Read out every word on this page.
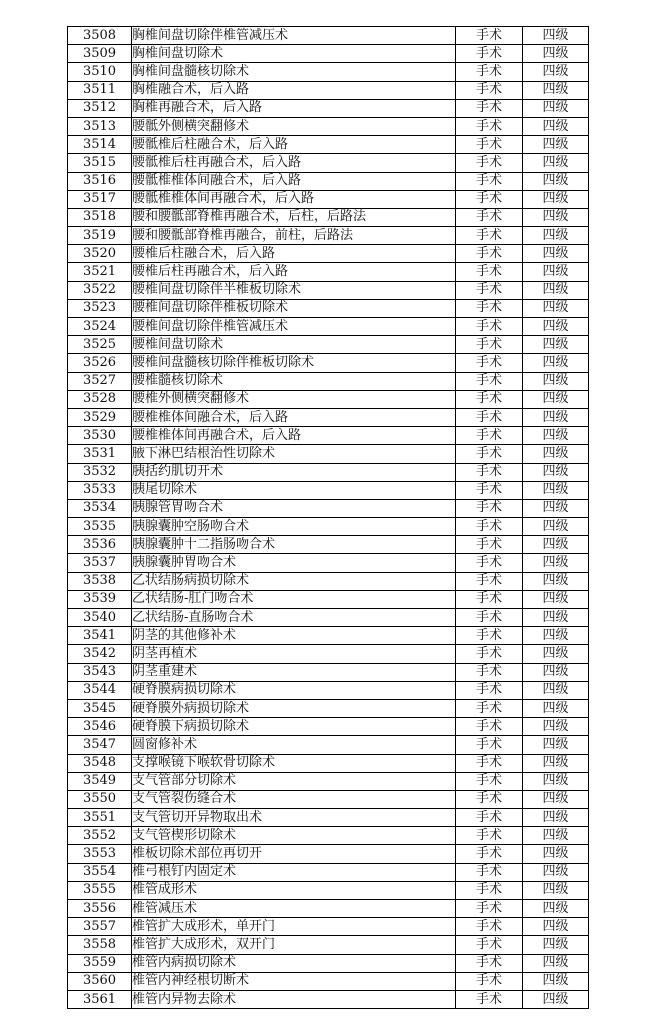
3508	胸椎间盘切除伴椎管减压术	手术	四级
3509	胸椎间盘切除术	手术	四级
3510	胸椎间盘髓核切除术	手术	四级
3511	胸椎融合术，后入路	手术	四级
3512	胸椎再融合术，后入路	手术	四级
3513	腰骶外侧横突翻修术	手术	四级
3514	腰骶椎后柱融合术，后入路	手术	四级
3515	腰骶椎后柱再融合术，后入路	手术	四级
3516	腰骶椎椎体间融合术，后入路	手术	四级
3517	腰骶椎椎体间再融合术，后入路	手术	四级
3518	腰和腰骶部脊椎再融合术，后柱，后路法	手术	四级
3519	腰和腰骶部脊椎再融合，前柱，后路法	手术	四级
3520	腰椎后柱融合术，后入路	手术	四级
3521	腰椎后柱再融合术，后入路	手术	四级
3522	腰椎间盘切除伴半椎板切除术	手术	四级
3523	腰椎间盘切除伴椎板切除术	手术	四级
3524	腰椎间盘切除伴椎管减压术	手术	四级
3525	腰椎间盘切除术	手术	四级
3526	腰椎间盘髓核切除伴椎板切除术	手术	四级
3527	腰椎髓核切除术	手术	四级
3528	腰椎外侧横突翻修术	手术	四级
3529	腰椎椎体间融合术，后入路	手术	四级
3530	腰椎椎体间再融合术，后入路	手术	四级
3531	腋下淋巴结根治性切除术	手术	四级
3532	胰括约肌切开术	手术	四级
3533	胰尾切除术	手术	四级
3534	胰腺管胃吻合术	手术	四级
3535	胰腺囊肿空肠吻合术	手术	四级
3536	胰腺囊肿十二指肠吻合术	手术	四级
3537	胰腺囊肿胃吻合术	手术	四级
3538	乙状结肠病损切除术	手术	四级
3539	乙状结肠-肛门吻合术	手术	四级
3540	乙状结肠-直肠吻合术	手术	四级
3541	阴茎的其他修补术	手术	四级
3542	阴茎再植术	手术	四级
3543	阴茎重建术	手术	四级
3544	硬脊膜病损切除术	手术	四级
3545	硬脊膜外病损切除术	手术	四级
3546	硬脊膜下病损切除术	手术	四级
3547	圆窗修补术	手术	四级
3548	支撑喉镜下喉软骨切除术	手术	四级
3549	支气管部分切除术	手术	四级
3550	支气管裂伤缝合术	手术	四级
3551	支气管切开异物取出术	手术	四级
3552	支气管楔形切除术	手术	四级
3553	椎板切除术部位再切开	手术	四级
3554	椎弓根钉内固定术	手术	四级
3555	椎管成形术	手术	四级
3556	椎管减压术	手术	四级
3557	椎管扩大成形术，单开门	手术	四级
3558	椎管扩大成形术，双开门	手术	四级
3559	椎管内病损切除术	手术	四级
3560	椎管内神经根切断术	手术	四级
3561	椎管内异物去除术	手术	四级
